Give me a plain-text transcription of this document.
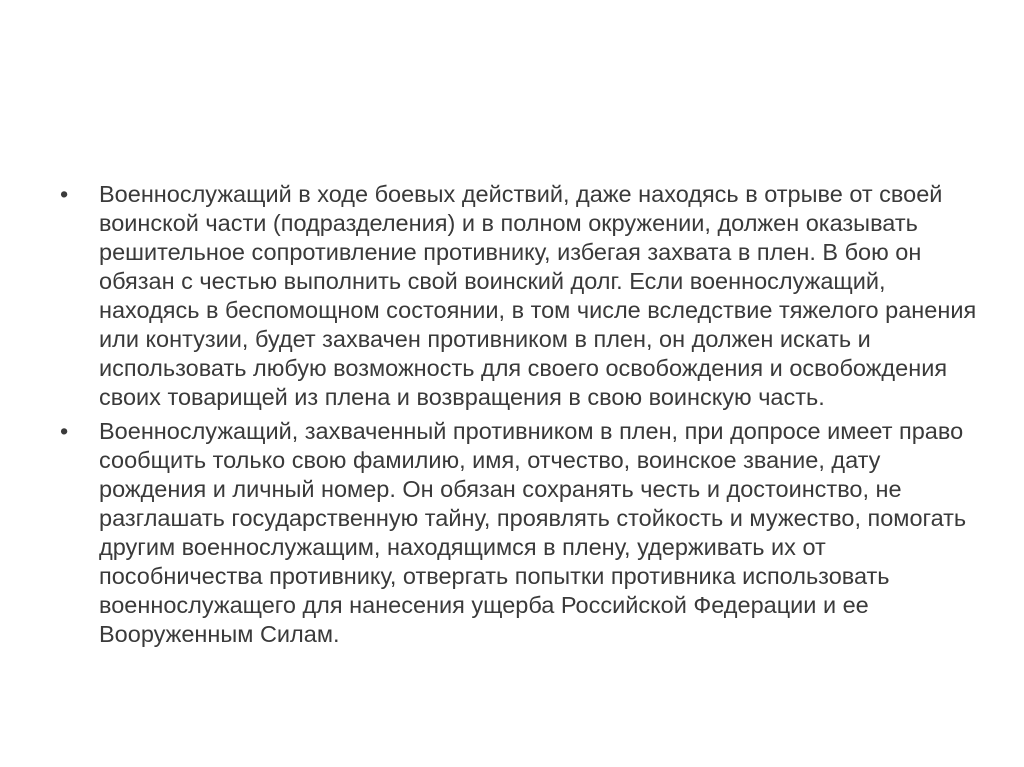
•	Военнослужащий в ходе боевых действий, даже находясь в отрыве от своей воинской части (подразделения) и в полном окружении, должен оказывать решительное сопротивление противнику, избегая захвата в плен. В бою он обязан с честью выполнить свой воинский долг. Если военнослужащий, находясь в беспомощном состоянии, в том числе вследствие тяжелого ранения или контузии, будет захвачен противником в плен, он должен искать и использовать любую возможность для своего освобождения и освобождения своих товарищей из плена и возвращения в свою воинскую часть.
•	Военнослужащий, захваченный противником в плен, при допросе имеет право сообщить только свою фамилию, имя, отчество, воинское звание, дату рождения и личный номер. Он обязан сохранять честь и достоинство, не разглашать государственную тайну, проявлять стойкость и мужество, помогать другим военнослужащим, находящимся в плену, удерживать их от пособничества противнику, отвергать попытки противника использовать военнослужащего для нанесения ущерба Российской Федерации и ее Вооруженным Силам.
